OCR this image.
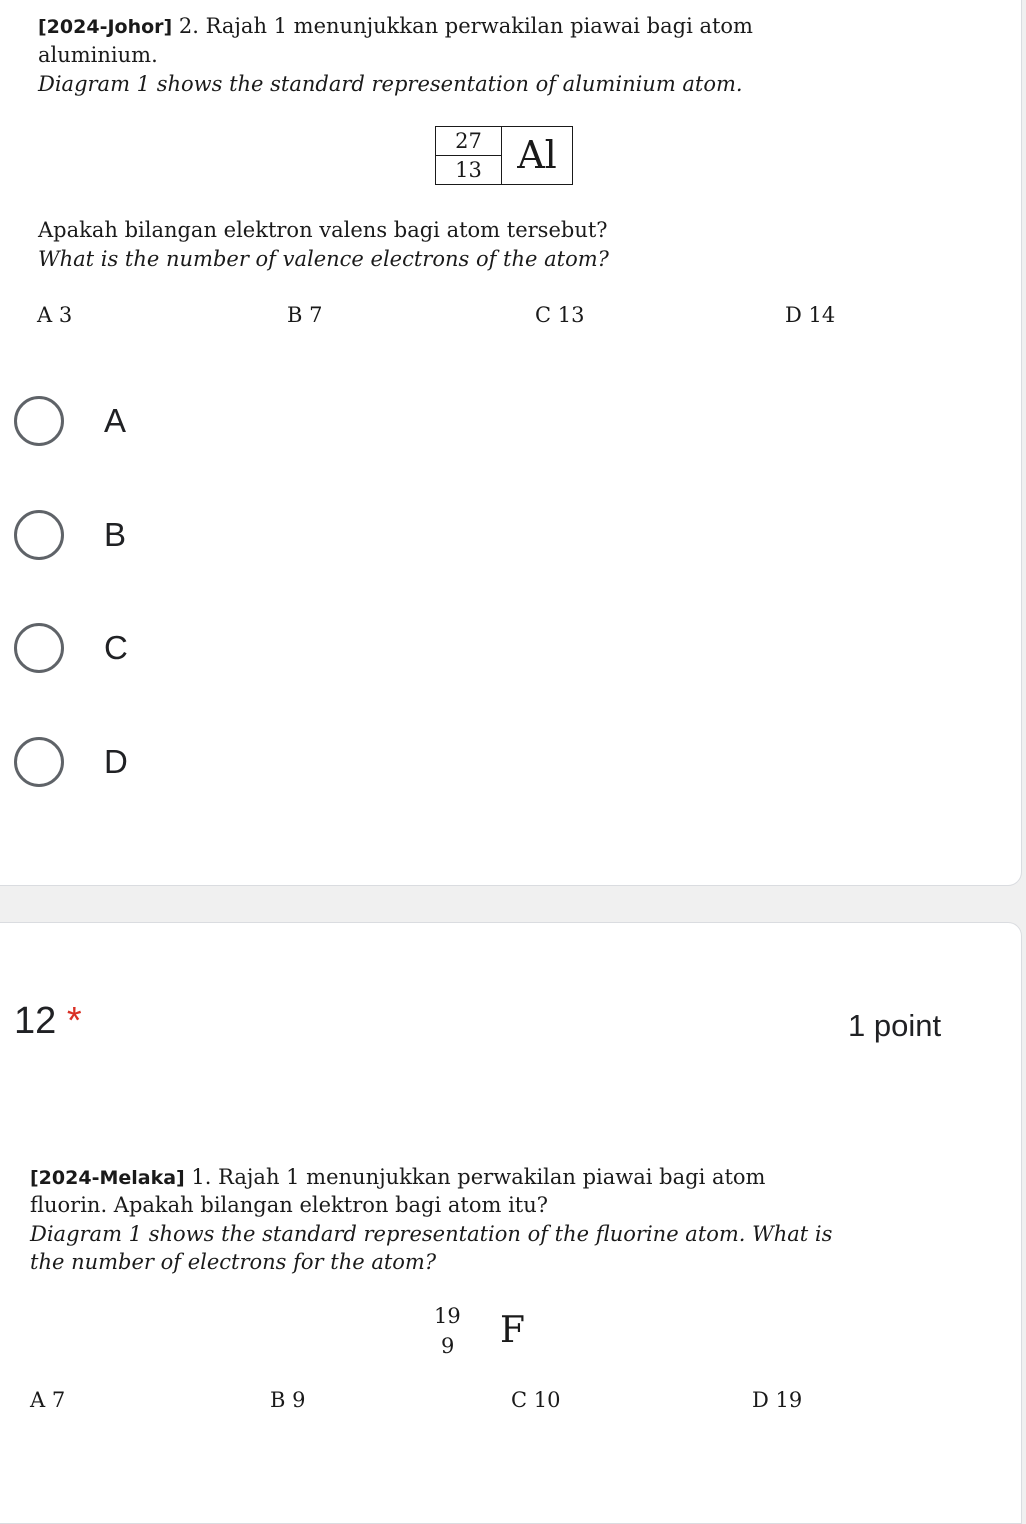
[2024-Johor] 2. Rajah 1 menunjukkan perwakilan piawai bagi atom
aluminium.
Diagram 1 shows the standard representation of aluminium atom.
27
13 Al
Apakah bilangan elektron valens bagi atom tersebut?
What is the number of valence electrons of the atom?
A 3	B 7	C 13	D 14
A
B
C
D
12 *	1 point
[2024-Melaka] 1. Rajah 1 menunjukkan perwakilan piawai bagi atom
fluorin. Apakah bilangan elektron bagi atom itu?
Diagram 1 shows the standard representation of the fluorine atom. What is
the number of electrons for the atom?
19
9 F
A 7	B 9	C 10	D 19
